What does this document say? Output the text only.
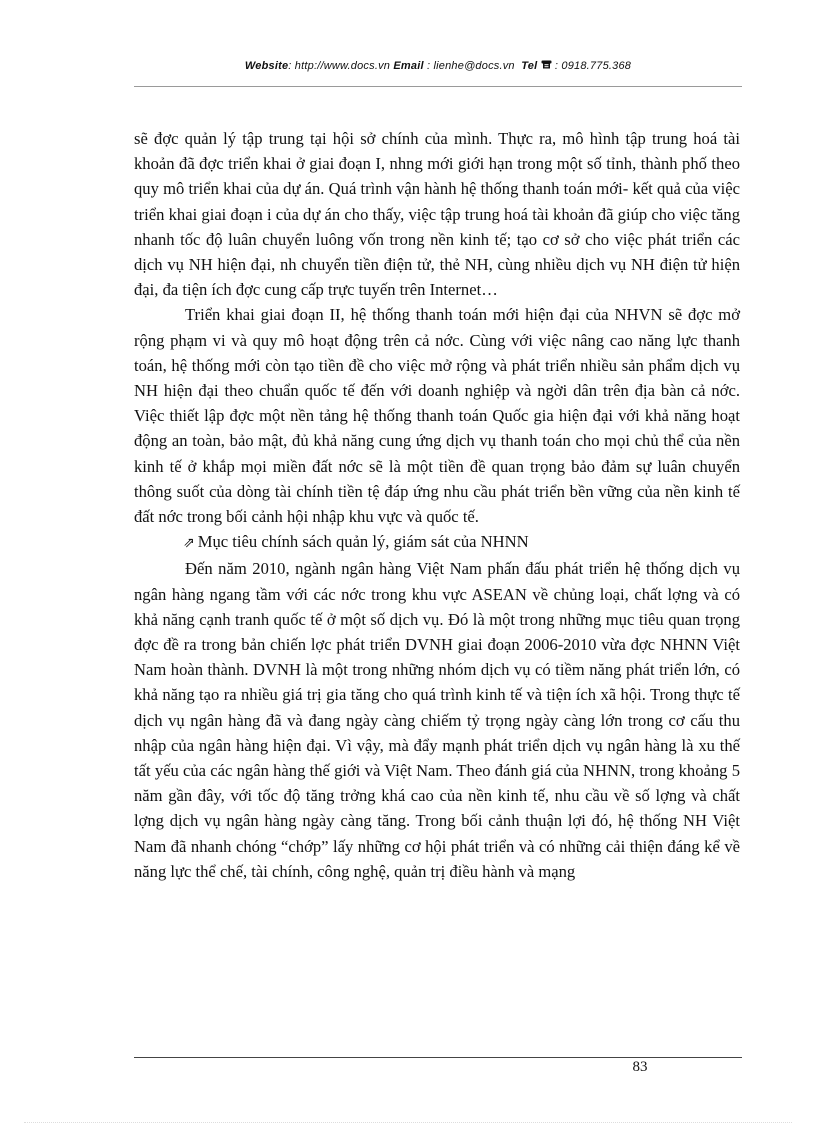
Website: http://www.docs.vn Email : lienhe@docs.vn Tel : 0918.775.368

sẽ đợc quản lý tập trung tại hội sở chính của mình. Thực ra, mô hình tập trung hoá tài khoản đã đợc triển khai ở giai đoạn I, nhng mới giới hạn trong một số tỉnh, thành phố theo quy mô triển khai của dự án. Quá trình vận hành hệ thống thanh toán mới- kết quả của việc triển khai giai đoạn i của dự án cho thấy, việc tập trung hoá tài khoản đã giúp cho việc tăng nhanh tốc độ luân chuyển luông vốn trong nền kinh tế; tạo cơ sở cho việc phát triển các dịch vụ NH hiện đại, nh chuyển tiền điện tử, thẻ NH, cùng nhiều dịch vụ NH điện tử hiện đại, đa tiện ích đợc cung cấp trực tuyến trên Internet…

Triển khai giai đoạn II, hệ thống thanh toán mới hiện đại của NHVN sẽ đợc mở rộng phạm vi và quy mô hoạt động trên cả nớc. Cùng với việc nâng cao năng lực thanh toán, hệ thống mới còn tạo tiền đề cho việc mở rộng và phát triển nhiều sản phẩm dịch vụ NH hiện đại theo chuẩn quốc tế đến với doanh nghiệp và ngời dân trên địa bàn cả nớc. Việc thiết lập đợc một nền tảng hệ thống thanh toán Quốc gia hiện đại với khả năng hoạt động an toàn, bảo mật, đủ khả năng cung ứng dịch vụ thanh toán cho mọi chủ thể của nền kinh tế ở khắp mọi miền đất nớc sẽ là một tiền đề quan trọng bảo đảm sự luân chuyển thông suốt của dòng tài chính tiền tệ đáp ứng nhu cầu phát triển bền vững của nền kinh tế đất nớc trong bối cảnh hội nhập khu vực và quốc tế.

⇗ Mục tiêu chính sách quản lý, giám sát của NHNN

Đến năm 2010, ngành ngân hàng Việt Nam phấn đấu phát triển hệ thống dịch vụ ngân hàng ngang tầm với các nớc trong khu vực ASEAN về chủng loại, chất lợng và có khả năng cạnh tranh quốc tế ở một số dịch vụ. Đó là một trong những mục tiêu quan trọng đợc đề ra trong bản chiến lợc phát triển DVNH giai đoạn 2006-2010 vừa đợc NHNN Việt Nam hoàn thành. DVNH là một trong những nhóm dịch vụ có tiềm năng phát triển lớn, có khả năng tạo ra nhiều giá trị gia tăng cho quá trình kinh tế và tiện ích xã hội. Trong thực tế dịch vụ ngân hàng đã và đang ngày càng chiếm tỷ trọng ngày càng lớn trong cơ cấu thu nhập của ngân hàng hiện đại. Vì vậy, mà đẩy mạnh phát triển dịch vụ ngân hàng là xu thế tất yếu của các ngân hàng thế giới và Việt Nam. Theo đánh giá của NHNN, trong khoảng 5 năm gần đây, với tốc độ tăng trởng khá cao của nền kinh tế, nhu cầu về số lợng và chất lợng dịch vụ ngân hàng ngày càng tăng. Trong bối cảnh thuận lợi đó, hệ thống NH Việt Nam đã nhanh chóng “chớp” lấy những cơ hội phát triển và có những cải thiện đáng kể về năng lực thể chế, tài chính, công nghệ, quản trị điều hành và mạng

83
